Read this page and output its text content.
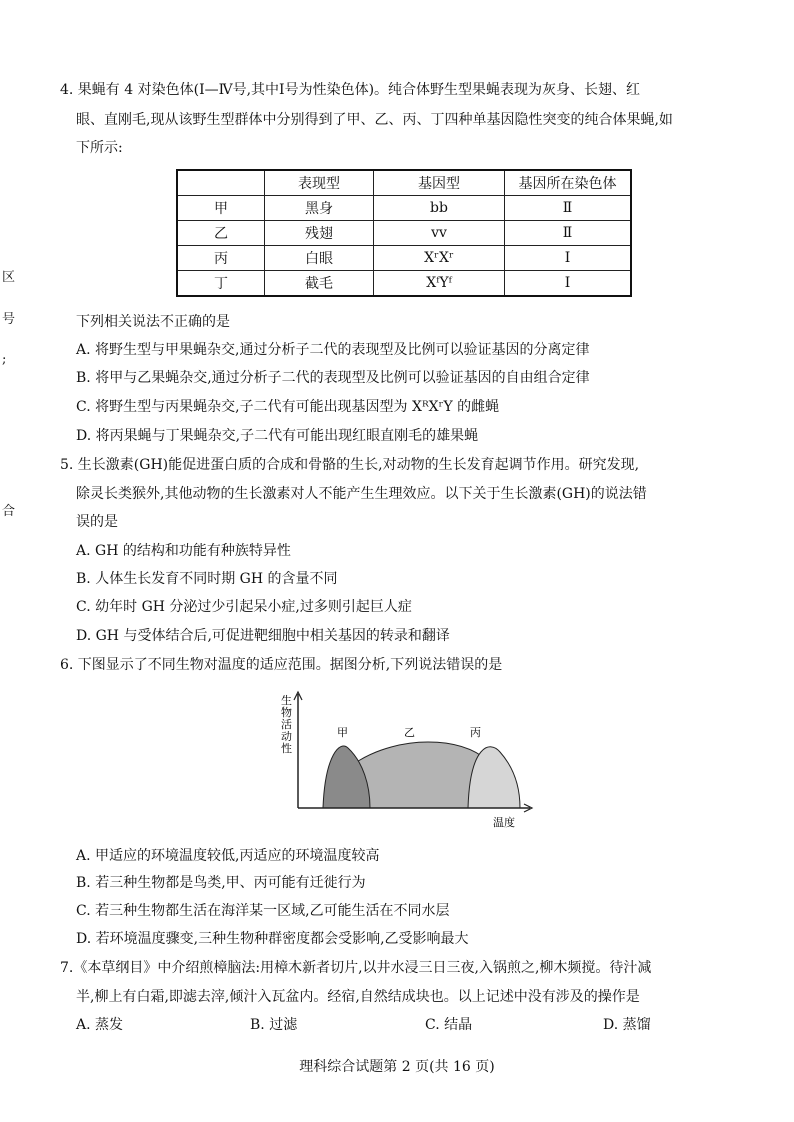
区
号
;
合
4. 果蝇有 4 对染色体(Ⅰ—Ⅳ号,其中Ⅰ号为性染色体)。纯合体野生型果蝇表现为灰身、长翅、红
眼、直刚毛,现从该野生型群体中分别得到了甲、乙、丙、丁四种单基因隐性突变的纯合体果蝇,如
下所示:
	表现型	基因型	基因所在染色体
甲	黑身	bb	Ⅱ
乙	残翅	vv	Ⅱ
丙	白眼	XʳXʳ	Ⅰ
丁	截毛	XᶠYᶠ	Ⅰ
下列相关说法不正确的是
A. 将野生型与甲果蝇杂交,通过分析子二代的表现型及比例可以验证基因的分离定律
B. 将甲与乙果蝇杂交,通过分析子二代的表现型及比例可以验证基因的自由组合定律
C. 将野生型与丙果蝇杂交,子二代有可能出现基因型为 XᴿXʳY 的雌蝇
D. 将丙果蝇与丁果蝇杂交,子二代有可能出现红眼直刚毛的雄果蝇
5. 生长激素(GH)能促进蛋白质的合成和骨骼的生长,对动物的生长发育起调节作用。研究发现,
除灵长类猴外,其他动物的生长激素对人不能产生生理效应。以下关于生长激素(GH)的说法错
误的是
A. GH 的结构和功能有种族特异性
B. 人体生长发育不同时期 GH 的含量不同
C. 幼年时 GH 分泌过少引起呆小症,过多则引起巨人症
D. GH 与受体结合后,可促进靶细胞中相关基因的转录和翻译
6. 下图显示了不同生物对温度的适应范围。据图分析,下列说法错误的是
生物活动性
甲	乙	丙
温度
A. 甲适应的环境温度较低,丙适应的环境温度较高
B. 若三种生物都是鸟类,甲、丙可能有迁徙行为
C. 若三种生物都生活在海洋某一区域,乙可能生活在不同水层
D. 若环境温度骤变,三种生物种群密度都会受影响,乙受影响最大
7.《本草纲目》中介绍煎樟脑法:用樟木新者切片,以井水浸三日三夜,入锅煎之,柳木频搅。待汁减
半,柳上有白霜,即滤去滓,倾汁入瓦盆内。经宿,自然结成块也。以上记述中没有涉及的操作是
A. 蒸发	B. 过滤	C. 结晶	D. 蒸馏
理科综合试题第 2 页(共 16 页)
